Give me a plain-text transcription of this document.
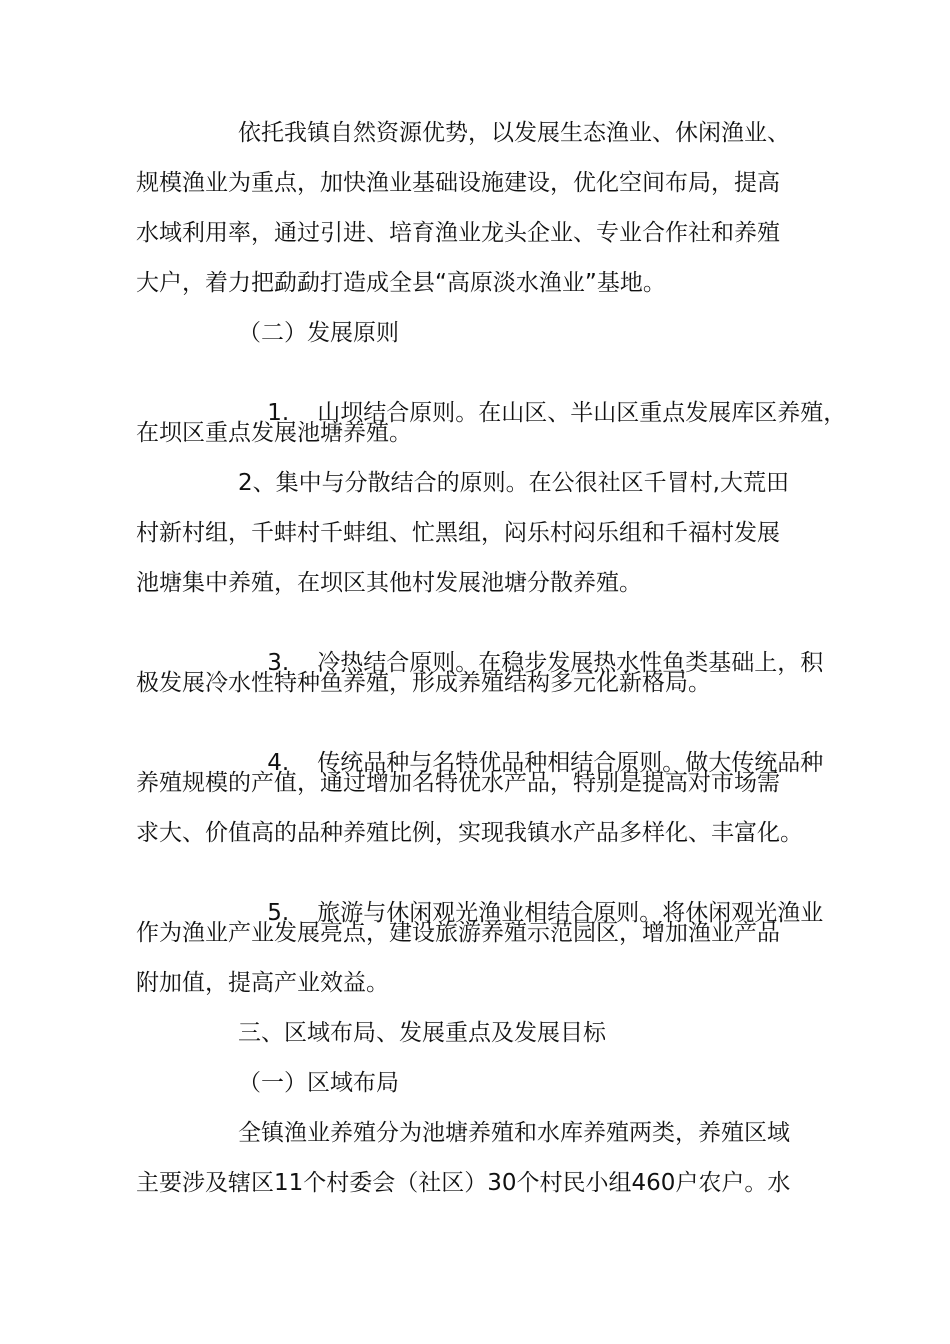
依托我镇自然资源优势，以发展生态渔业、休闲渔业、
规模渔业为重点，加快渔业基础设施建设，优化空间布局，提高
水域利用率，通过引进、培育渔业龙头企业、专业合作社和养殖
大户，着力把勐勐打造成全县“高原淡水渔业”基地。
（二）发展原则

1. 山坝结合原则。在山区、半山区重点发展库区养殖，

在坝区重点发展池塘养殖。
2、集中与分散结合的原则。在公很社区千冒村,大荒田
村新村组，千蚌村千蚌组、忙黑组，闷乐村闷乐组和千福村发展
池塘集中养殖，在坝区其他村发展池塘分散养殖。

3. 冷热结合原则。在稳步发展热水性鱼类基础上，积

极发展冷水性特种鱼养殖，形成养殖结构多元化新格局。

4. 传统品种与名特优品种相结合原则。做大传统品种

养殖规模的产值，通过增加名特优水产品，特别是提高对市场需
求大、价值高的品种养殖比例，实现我镇水产品多样化、丰富化。

5. 旅游与休闲观光渔业相结合原则。将休闲观光渔业

作为渔业产业发展亮点，建设旅游养殖示范园区，增加渔业产品
附加值，提高产业效益。
三、区域布局、发展重点及发展目标
（一）区域布局
全镇渔业养殖分为池塘养殖和水库养殖两类，养殖区域
主要涉及辖区11个村委会（社区）30个村民小组460户农户。水
